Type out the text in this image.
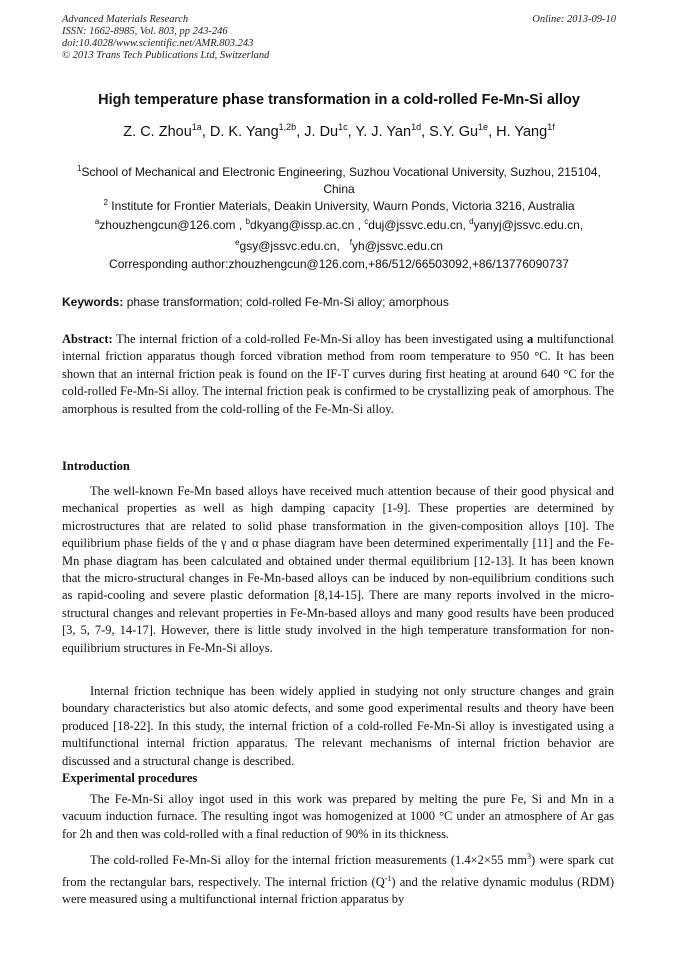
Advanced Materials Research
ISSN: 1662-8985, Vol. 803, pp 243-246
doi:10.4028/www.scientific.net/AMR.803.243
© 2013 Trans Tech Publications Ltd, Switzerland
Online: 2013-09-10
High temperature phase transformation in a cold-rolled Fe-Mn-Si alloy
Z. C. Zhou$^{1a}$, D. K. Yang$^{1,2b}$, J. $Du^{1c}$, Y. J. Yan$^{1d}$, S.Y. $Gu^{1e}$, H. Yang$^{1f}$
$^1$School of Mechanical and Electronic Engineering, Suzhou Vocational University, Suzhou, 215104, China
$^2$ Institute for Frontier Materials, Deakin University, Waurn Ponds, Victoria 3216, Australia
$^a$zhouzhengcun@126.com , $^b$dkyang@issp.ac.cn , $^c$duj@jssvc.edu.cn, $^d$yanyj@jssvc.edu.cn,
$^e$gsy@jssvc.edu.cn, $^f$yh@jssvc.edu.cn
Corresponding author:zhouzhengcun@126.com,+86/512/66503092,+86/13776090737
Keywords: phase transformation; cold-rolled Fe-Mn-Si alloy; amorphous
Abstract: The internal friction of a cold-rolled Fe-Mn-Si alloy has been investigated using a multifunctional internal friction apparatus though forced vibration method from room temperature to 950 °C. It has been shown that an internal friction peak is found on the IF-T curves during first heating at around 640 °C for the cold-rolled Fe-Mn-Si alloy. The internal friction peak is confirmed to be crystallizing peak of amorphous. The amorphous is resulted from the cold-rolling of the Fe-Mn-Si alloy.
Introduction
The well-known Fe-Mn based alloys have received much attention because of their good physical and mechanical properties as well as high damping capacity [1-9]. These properties are determined by microstructures that are related to solid phase transformation in the given-composition alloys [10]. The equilibrium phase fields of the γ and α phase diagram have been determined experimentally [11] and the Fe-Mn phase diagram has been calculated and obtained under thermal equilibrium [12-13]. It has been known that the micro-structural changes in Fe-Mn-based alloys can be induced by non-equilibrium conditions such as rapid-cooling and severe plastic deformation [8,14-15]. There are many reports involved in the micro-structural changes and relevant properties in Fe-Mn-based alloys and many good results have been produced [3, 5, 7-9, 14-17]. However, there is little study involved in the high temperature transformation for non-equilibrium structures in Fe-Mn-Si alloys.
Internal friction technique has been widely applied in studying not only structure changes and grain boundary characteristics but also atomic defects, and some good experimental results and theory have been produced [18-22]. In this study, the internal friction of a cold-rolled Fe-Mn-Si alloy is investigated using a multifunctional internal friction apparatus. The relevant mechanisms of internal friction behavior are discussed and a structural change is described.
Experimental procedures
The Fe-Mn-Si alloy ingot used in this work was prepared by melting the pure Fe, Si and Mn in a vacuum induction furnace. The resulting ingot was homogenized at 1000 °C under an atmosphere of Ar gas for 2h and then was cold-rolled with a final reduction of 90% in its thickness.
The cold-rolled Fe-Mn-Si alloy for the internal friction measurements (1.4×2×55 $mm^3$) were spark cut from the rectangular bars, respectively. The internal friction $(Q^{-1})$ and the relative dynamic modulus (RDM) were measured using a multifunctional internal friction apparatus by
